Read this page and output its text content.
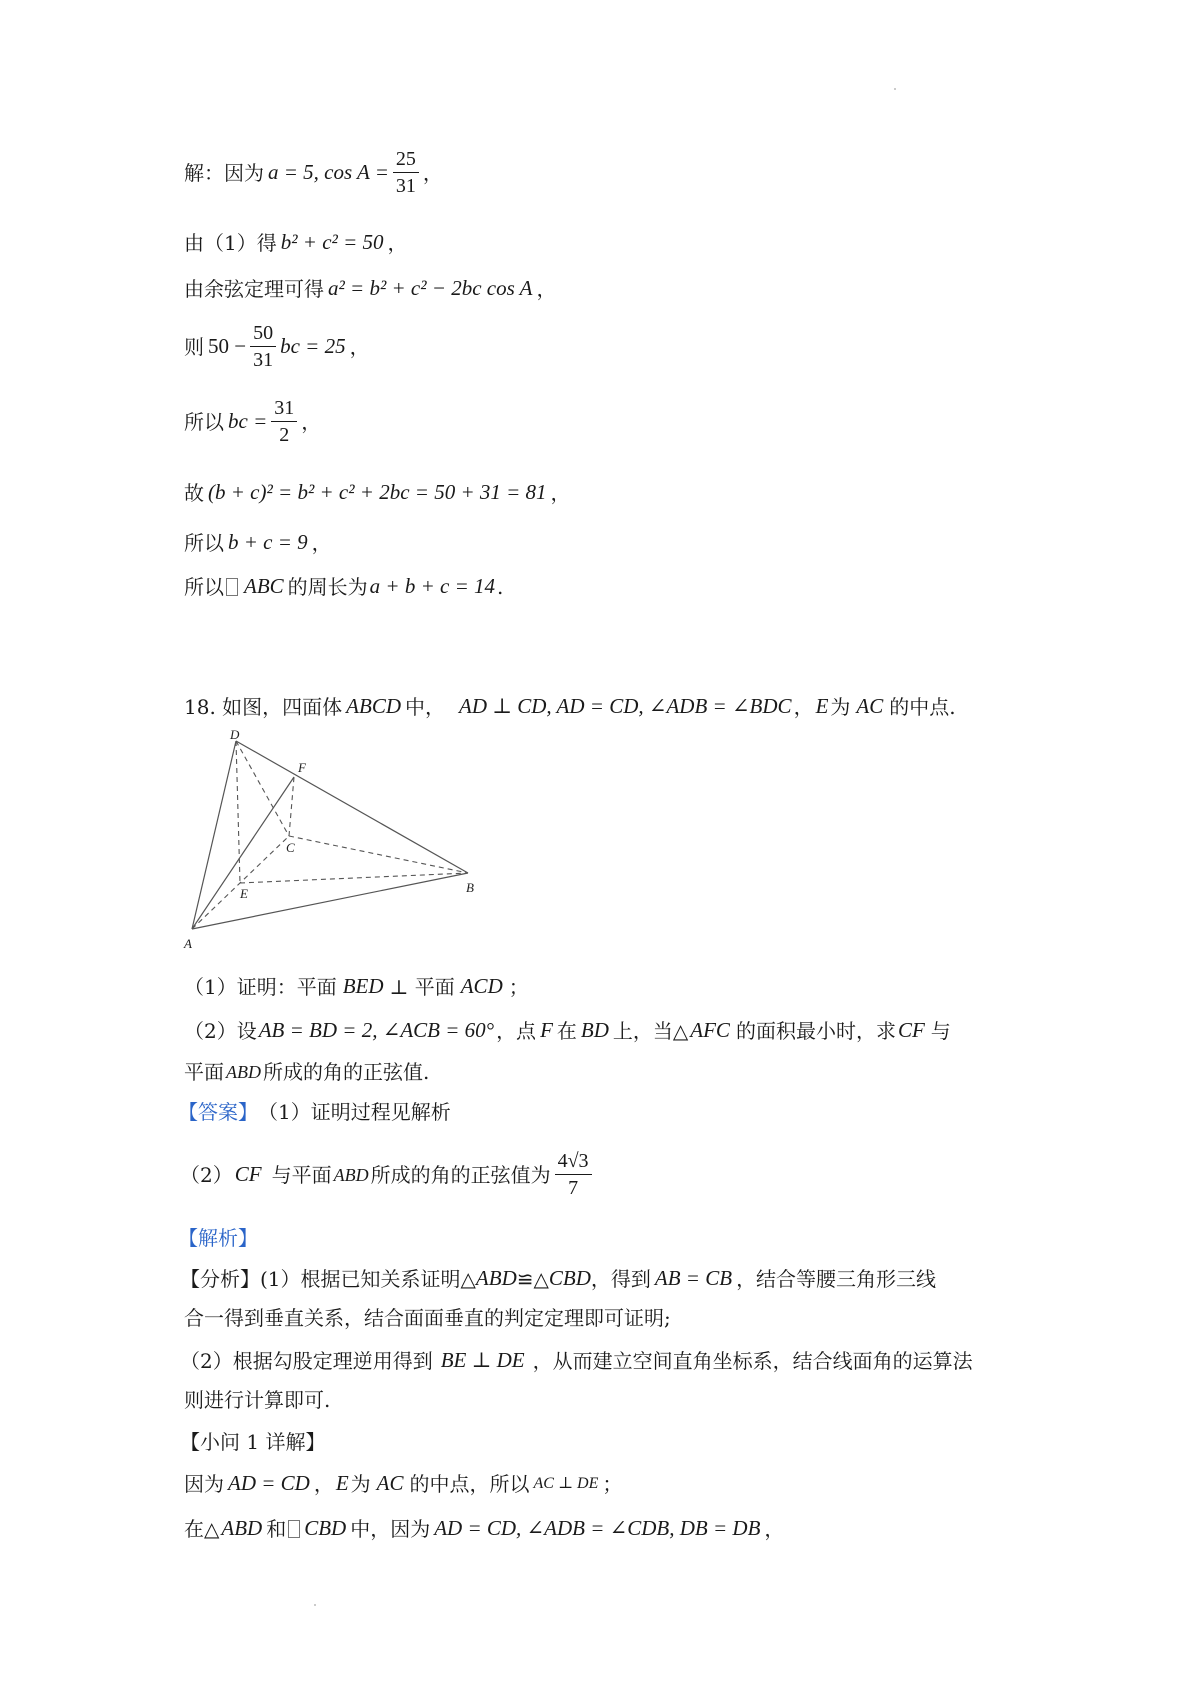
解：因为 a = 5, $\cos A = \frac{25}{31}$ ，
由（1）得 b² + c² = 50 ，
由余弦定理可得 a² = b² + c² − 2bc cos A ，
则 $50 - \frac{50}{31}$ bc = 25 ，
所以 bc = $\frac{31}{2}$ ，
故 (b + c)² = b² + c² + 2bc = 50 + 31 = 81 ，
所以 b + c = 9 ，
所以 ABC 的周长为 a + b + c = 14 .
18. 如图，四面体 ABCD 中， AD ⊥ CD, AD = CD, ∠ADB = ∠BDC ， E 为 AC 的中点.
D
F
C
E	B
A
（1）证明：平面 BED ⊥ 平面 ACD ；
（2）设 AB = BD = 2, ∠ACB = 60° ，点 F 在 BD 上，当△ AFC 的面积最小时，求 CF 与
平面 ABD 所成的角的正弦值.
【答案】 （1）证明过程见解析
（2） CF 与平面 ABD 所成的角的正弦值为 $\frac{4√3}{7}$
【解析】
【分析】(1）根据已知关系证明△ ABD ≌△ CBD ，得到 AB = CB ，结合等腰三角形三线
合一得到垂直关系，结合面面垂直的判定定理即可证明;
（2）根据勾股定理逆用得到 BE ⊥ DE ，从而建立空间直角坐标系，结合线面角的运算法
则进行计算即可.
【小问 1 详解】
因为 AD = CD ， E 为 AC 的中点，所以 AC ⊥ DE ；
在△ ABD 和 CBD 中，因为 AD = CD, ∠ADB = ∠CDB, DB = DB ，
